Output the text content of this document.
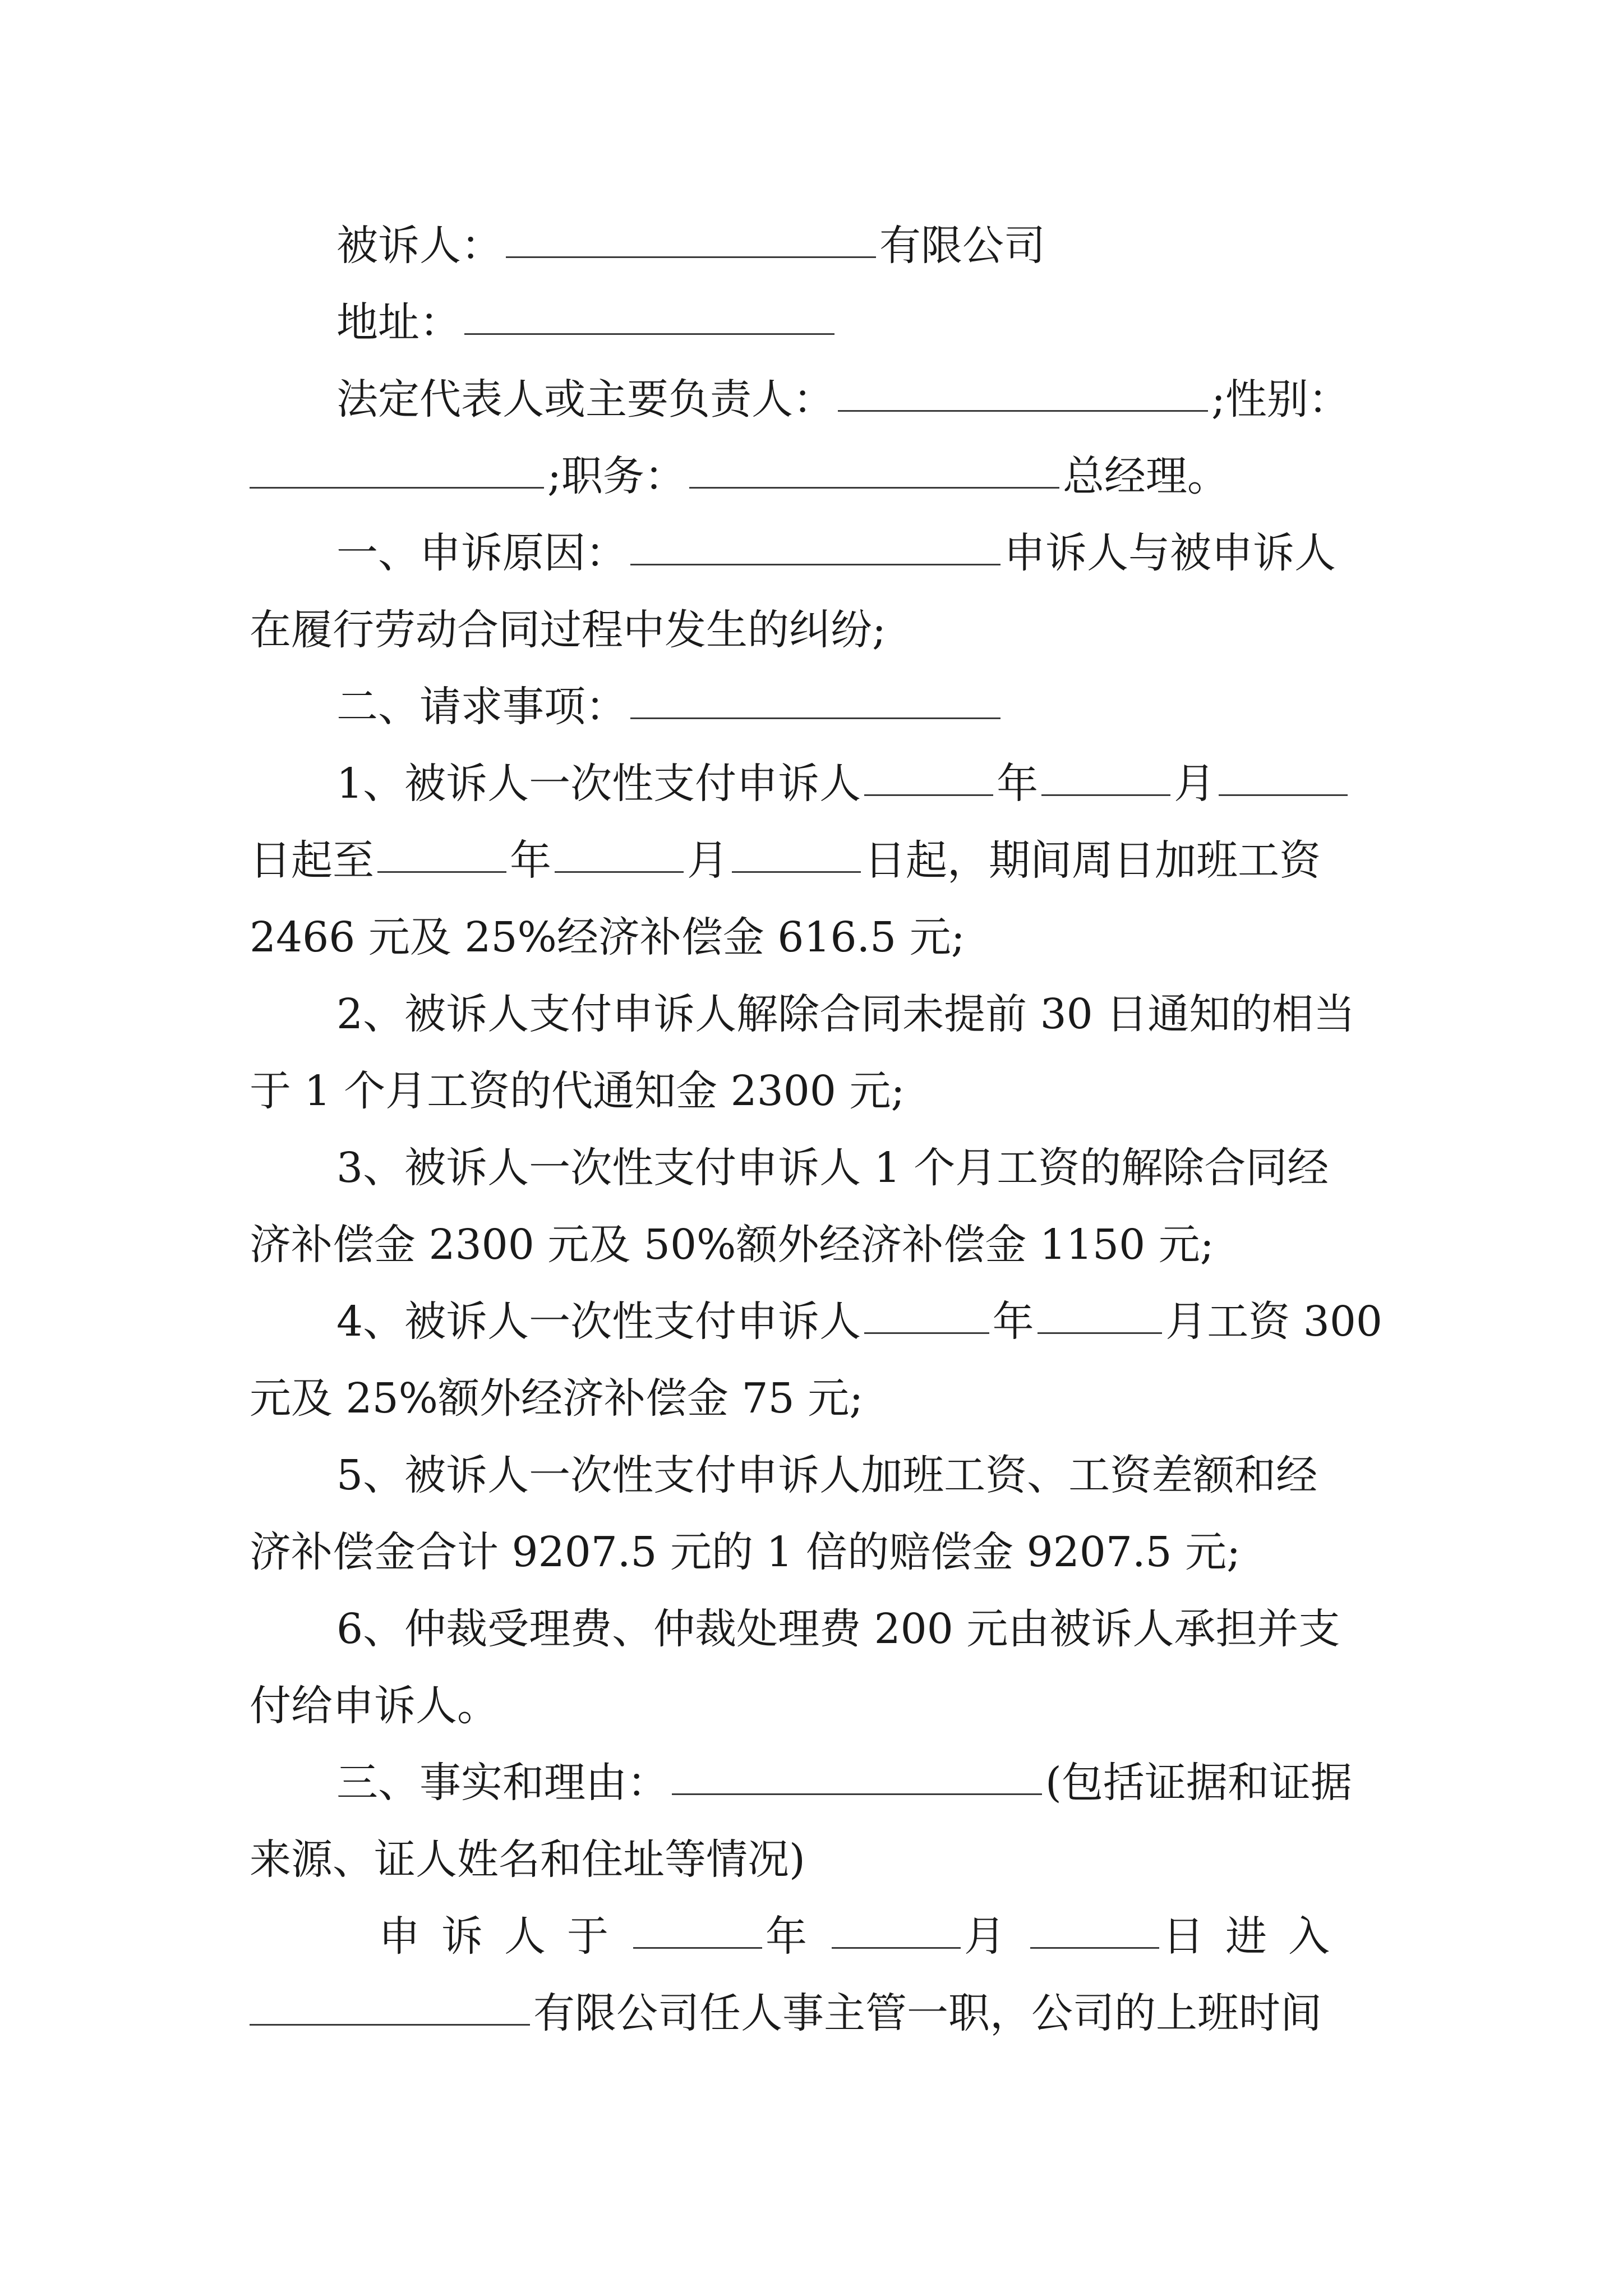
被诉人：	有限公司
地址：
法定代表人或主要负责人：	;性别：
;职务：	总经理。
一、申诉原因：	申诉人与被申诉人
在履行劳动合同过程中发生的纠纷;
二、请求事项：
1、被诉人一次性支付申诉人	年	月
日起至	年	月	日起，期间周日加班工资
2466 元及 25%经济补偿金 616.5 元;
2、被诉人支付申诉人解除合同未提前 30 日通知的相当
于 1 个月工资的代通知金 2300 元;
3、被诉人一次性支付申诉人 1 个月工资的解除合同经
济补偿金 2300 元及 50%额外经济补偿金 1150 元;
4、被诉人一次性支付申诉人	年	月工资 300
元及 25%额外经济补偿金 75 元;
5、被诉人一次性支付申诉人加班工资、工资差额和经
济补偿金合计 9207.5 元的 1 倍的赔偿金 9207.5 元;
6、仲裁受理费、仲裁处理费 200 元由被诉人承担并支
付给申诉人。
三、事实和理由：	(包括证据和证据
来源、证人姓名和住址等情况)
申诉人于	年	月	日进入
有限公司任人事主管一职，公司的上班时间
